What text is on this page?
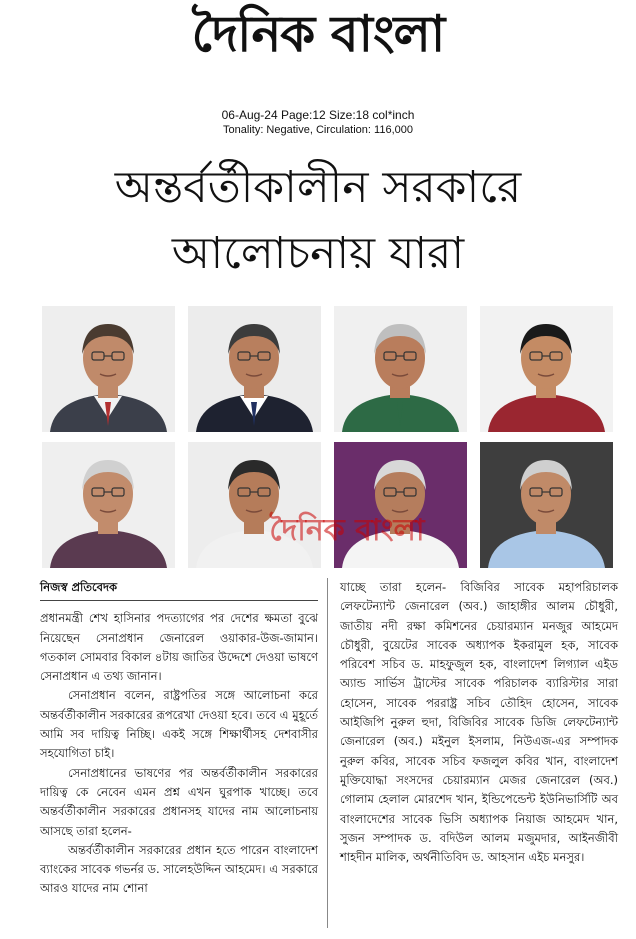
দৈনিক বাংলা
06-Aug-24 Page:12 Size:18 col*inch
Tonality: Negative, Circulation: 116,000
অন্তর্বর্তীকালীন সরকারে
আলোচনায় যারা
দৈনিক বাংলা

নিজস্ব প্রতিবেদক

প্রধানমন্ত্রী শেখ হাসিনার পদত্যাগের পর দেশের ক্ষমতা বুঝে নিয়েছেন সেনাপ্রধান জেনারেল ওয়াকার-উজ-জামান। গতকাল সোমবার বিকাল ৪টায় জাতির উদ্দেশে দেওয়া ভাষণে সেনাপ্রধান এ তথ্য জানান।

সেনাপ্রধান বলেন, রাষ্ট্রপতির সঙ্গে আলোচনা করে অন্তর্বর্তীকালীন সরকারের রূপরেখা দেওয়া হবে। তবে এ মুহূর্তে আমি সব দায়িত্ব নিচ্ছি। একই সঙ্গে শিক্ষার্থীসহ দেশবাসীর সহযোগিতা চাই।

সেনাপ্রধানের ভাষণের পর অন্তর্বর্তীকালীন সরকারের দায়িত্ব কে নেবেন এমন প্রশ্ন এখন ঘুরপাক খাচ্ছে। তবে অন্তর্বর্তীকালীন সরকারের প্রধানসহ যাদের নাম আলোচনায় আসছে তারা হলেন-

অন্তর্বর্তীকালীন সরকারের প্রধান হতে পারেন বাংলাদেশ ব্যাংকের সাবেক গভর্নর ড. সালেহউদ্দিন আহমেদ। এ সরকারে আরও যাদের নাম শোনা

যাচ্ছে তারা হলেন- বিজিবির সাবেক মহাপরিচালক লেফটেন্যান্ট জেনারেল (অব.) জাহাঙ্গীর আলম চৌধুরী, জাতীয় নদী রক্ষা কমিশনের চেয়ারম্যান মনজুর আহমেদ চৌধুরী, বুয়েটের সাবেক অধ্যাপক ইকরামুল হক, সাবেক পরিবেশ সচিব ড. মাহফুজুল হক, বাংলাদেশ লিগ্যাল এইড অ্যান্ড সার্ভিস ট্রাস্টের সাবেক পরিচালক ব্যারিস্টার সারা হোসেন, সাবেক পররাষ্ট্র সচিব তৌহিদ হোসেন, সাবেক আইজিপি নুরুল হুদা, বিজিবির সাবেক ডিজি লেফটেন্যান্ট জেনারেল (অব.) মইনুল ইসলাম, নিউএজ-এর সম্পাদক নুরুল কবির, সাবেক সচিব ফজলুল কবির খান, বাংলাদেশ মুক্তিযোদ্ধা সংসদের চেয়ারম্যান মেজর জেনারেল (অব.) গোলাম হেলাল মোরশেদ খান, ইন্ডিপেন্ডেন্ট ইউনিভার্সিটি অব বাংলাদেশের সাবেক ভিসি অধ্যাপক নিয়াজ আহমেদ খান, সুজন সম্পাদক ড. বদিউল আলম মজুমদার, আইনজীবী শাহদীন মালিক, অর্থনীতিবিদ ড. আহসান এইচ মনসুর।
